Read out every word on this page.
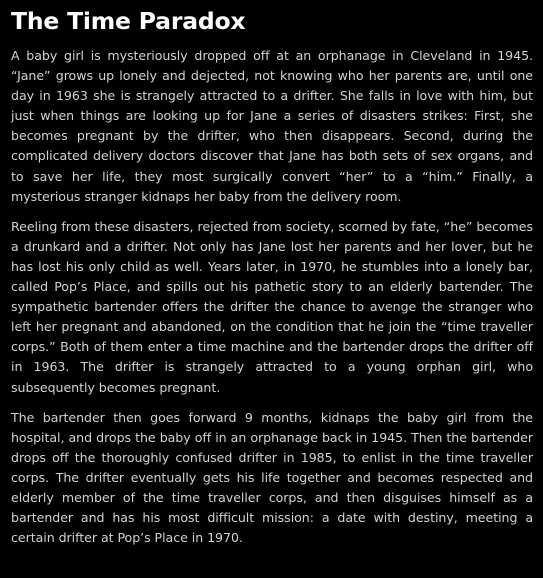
The Time Paradox

A baby girl is mysteriously dropped off at an orphanage in Cleveland in 1945. “Jane” grows up lonely and dejected, not knowing who her parents are, until one day in 1963 she is strangely attracted to a drifter. She falls in love with him, but just when things are looking up for Jane a series of disasters strikes: First, she becomes pregnant by the drifter, who then disappears. Second, during the complicated delivery doctors discover that Jane has both sets of sex organs, and to save her life, they most surgically convert “her” to a “him.” Finally, a mysterious stranger kidnaps her baby from the delivery room.

Reeling from these disasters, rejected from society, scorned by fate, “he” becomes a drunkard and a drifter. Not only has Jane lost her parents and her lover, but he has lost his only child as well. Years later, in 1970, he stumbles into a lonely bar, called Pop’s Place, and spills out his pathetic story to an elderly bartender. The sympathetic bartender offers the drifter the chance to avenge the stranger who left her pregnant and abandoned, on the condition that he join the “time traveller corps.” Both of them enter a time machine and the bartender drops the drifter off in 1963. The drifter is strangely attracted to a young orphan girl, who subsequently becomes pregnant.

The bartender then goes forward 9 months, kidnaps the baby girl from the hospital, and drops the baby off in an orphanage back in 1945. Then the bartender drops off the thoroughly confused drifter in 1985, to enlist in the time traveller corps. The drifter eventually gets his life together and becomes respected and elderly member of the time traveller corps, and then disguises himself as a bartender and has his most difficult mission: a date with destiny, meeting a certain drifter at Pop’s Place in 1970.
